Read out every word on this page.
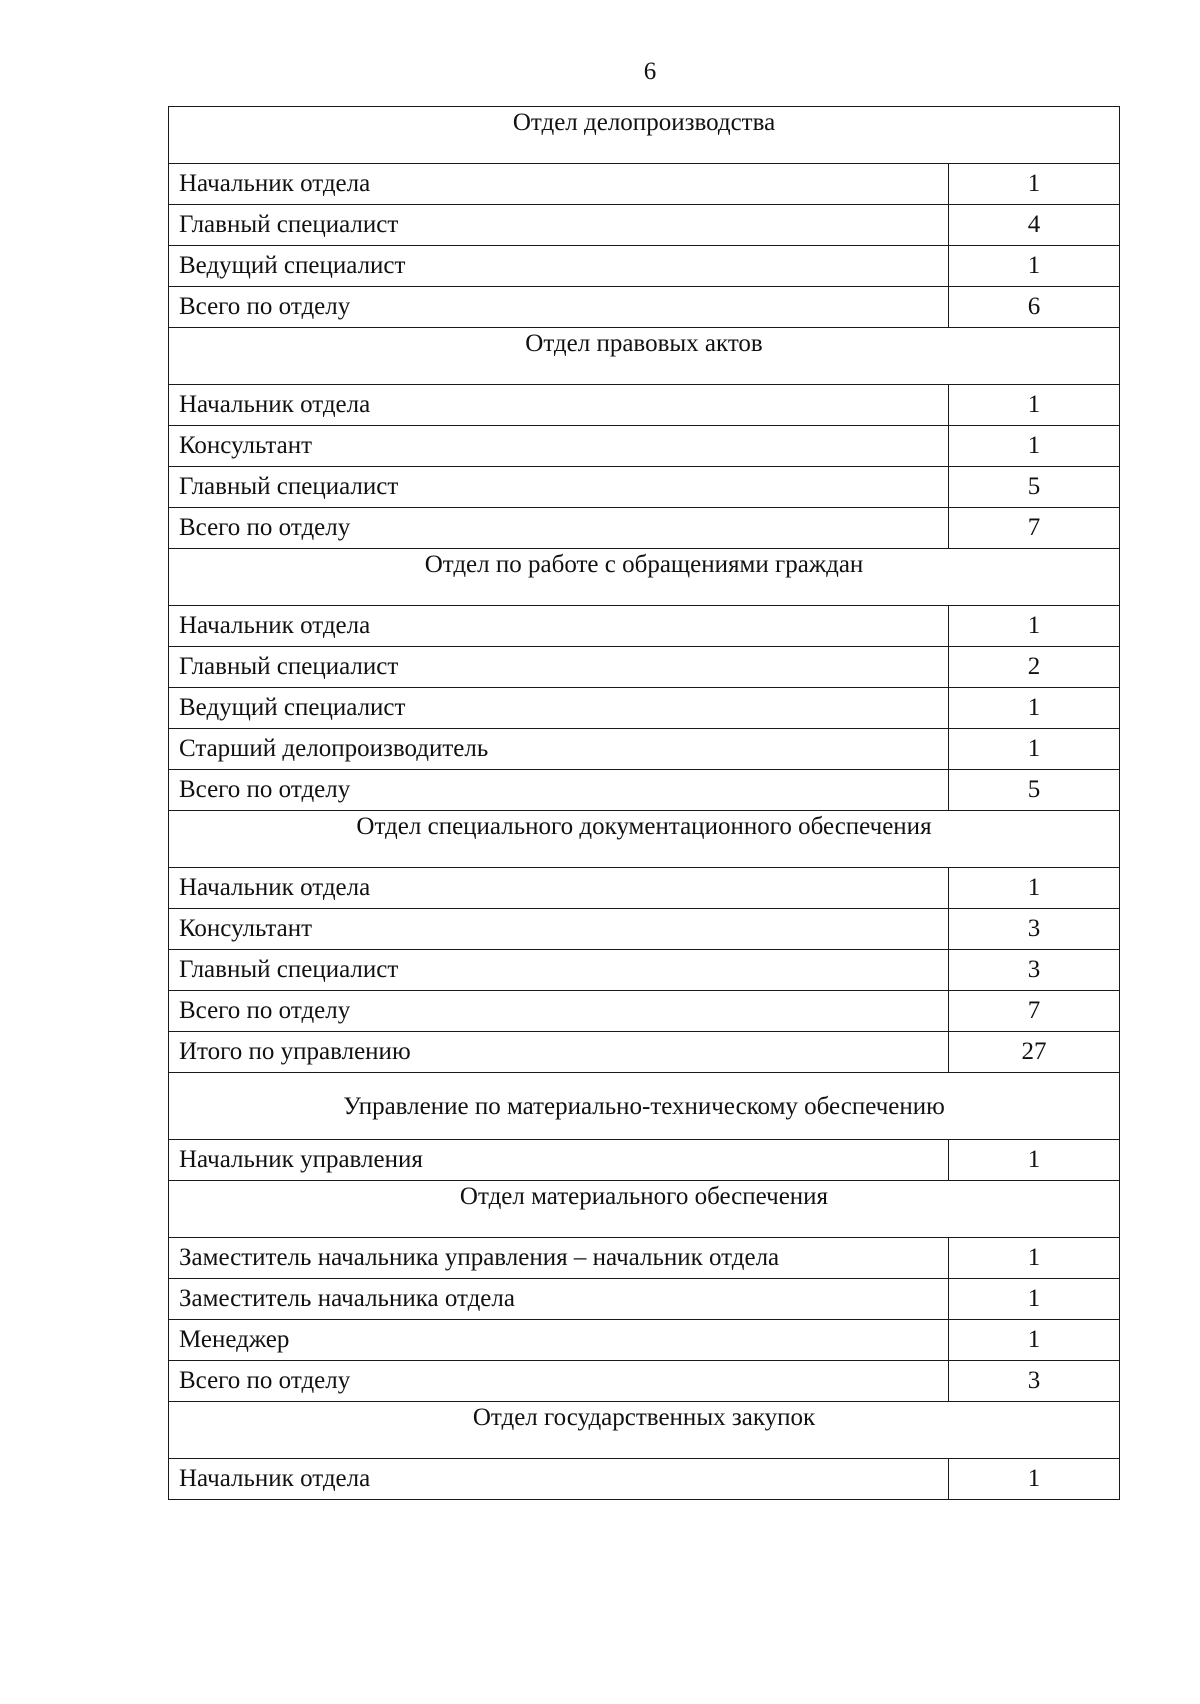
6
Отдел делопроизводства	
Начальник отдела	1
Главный специалист	4
Ведущий специалист	1
Всего по отделу	6
Отдел правовых актов	
Начальник отдела	1
Консультант	1
Главный специалист	5
Всего по отделу	7
Отдел по работе с обращениями граждан	
Начальник отдела	1
Главный специалист	2
Ведущий специалист	1
Старший делопроизводитель	1
Всего по отделу	5
Отдел специального документационного обеспечения	
Начальник отдела	1
Консультант	3
Главный специалист	3
Всего по отделу	7
Итого по управлению	27
Управление по материально-техническому обеспечению	
Начальник управления	1
Отдел материального обеспечения	
Заместитель начальника управления – начальник отдела	1
Заместитель начальника отдела	1
Менеджер	1
Всего по отделу	3
Отдел государственных закупок	
Начальник отдела	1
